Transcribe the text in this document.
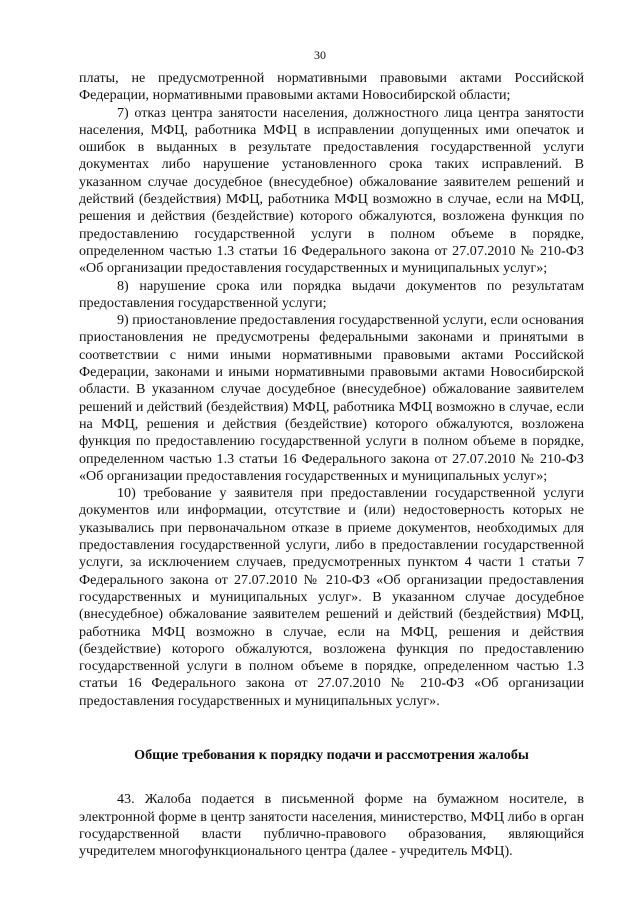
30

платы, не предусмотренной нормативными правовыми актами Российской Федерации, нормативными правовыми актами Новосибирской области;

7) отказ центра занятости населения, должностного лица центра занятости населения, МФЦ, работника МФЦ в исправлении допущенных ими опечаток и ошибок в выданных в результате предоставления государственной услуги документах либо нарушение установленного срока таких исправлений. В указанном случае досудебное (внесудебное) обжалование заявителем решений и действий (бездействия) МФЦ, работника МФЦ возможно в случае, если на МФЦ, решения и действия (бездействие) которого обжалуются, возложена функция по предоставлению государственной услуги в полном объеме в порядке, определенном частью 1.3 статьи 16 Федерального закона от 27.07.2010 № 210-ФЗ «Об организации предоставления государственных и муниципальных услуг»;

8) нарушение срока или порядка выдачи документов по результатам предоставления государственной услуги;

9) приостановление предоставления государственной услуги, если основания приостановления не предусмотрены федеральными законами и принятыми в соответствии с ними иными нормативными правовыми актами Российской Федерации, законами и иными нормативными правовыми актами Новосибирской области. В указанном случае досудебное (внесудебное) обжалование заявителем решений и действий (бездействия) МФЦ, работника МФЦ возможно в случае, если на МФЦ, решения и действия (бездействие) которого обжалуются, возложена функция по предоставлению государственной услуги в полном объеме в порядке, определенном частью 1.3 статьи 16 Федерального закона от 27.07.2010 № 210-ФЗ «Об организации предоставления государственных и муниципальных услуг»;

10) требование у заявителя при предоставлении государственной услуги документов или информации, отсутствие и (или) недостоверность которых не указывались при первоначальном отказе в приеме документов, необходимых для предоставления государственной услуги, либо в предоставлении государственной услуги, за исключением случаев, предусмотренных пунктом 4 части 1 статьи 7 Федерального закона от 27.07.2010 № 210-ФЗ «Об организации предоставления государственных и муниципальных услуг». В указанном случае досудебное (внесудебное) обжалование заявителем решений и действий (бездействия) МФЦ, работника МФЦ возможно в случае, если на МФЦ, решения и действия (бездействие) которого обжалуются, возложена функция по предоставлению государственной услуги в полном объеме в порядке, определенном частью 1.3 статьи 16 Федерального закона от 27.07.2010 № 210-ФЗ «Об организации предоставления государственных и муниципальных услуг».

Общие требования к порядку подачи и рассмотрения жалобы

43. Жалоба подается в письменной форме на бумажном носителе, в электронной форме в центр занятости населения, министерство, МФЦ либо в орган государственной власти публично-правового образования, являющийся учредителем многофункционального центра (далее - учредитель МФЦ).
